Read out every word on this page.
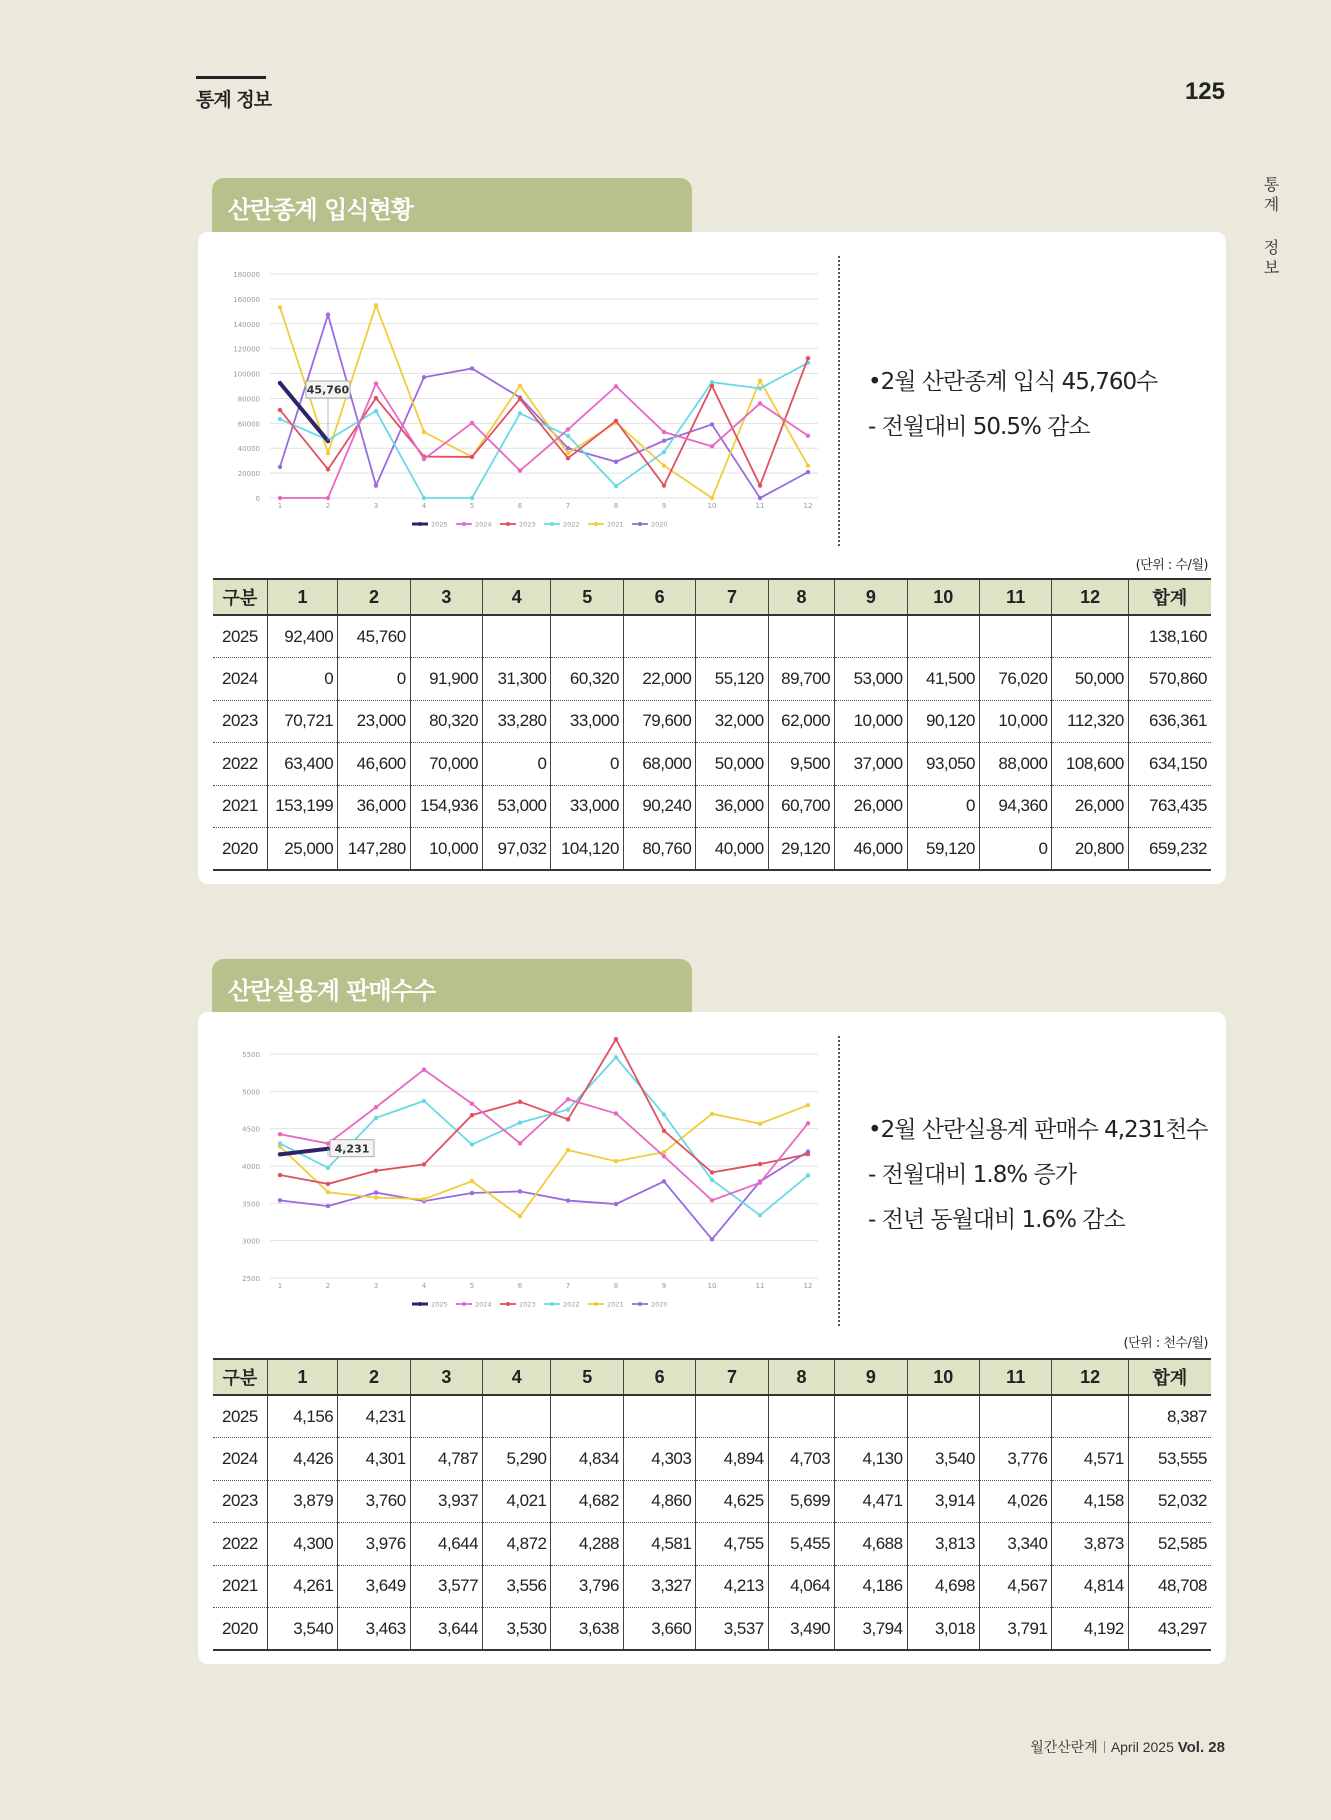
통계 정보	125
통계 정보
산란종계 입식현황
0
20000
40000
60000
80000
100000
120000
140000
160000
180000
1	2	3	4	5	6	7	8	9	10	11	12
45,760
2025	2024	2023	2022	2021	2020
•2월 산란종계 입식 45,760수
- 전월대비 50.5% 감소
(단위 : 수/월)
구분	1	2	3	4	5	6	7	8	9	10	11	12	합계
2025	92,400	45,760											138,160
2024	0	0	91,900	31,300	60,320	22,000	55,120	89,700	53,000	41,500	76,020	50,000	570,860
2023	70,721	23,000	80,320	33,280	33,000	79,600	32,000	62,000	10,000	90,120	10,000	112,320	636,361
2022	63,400	46,600	70,000	0	0	68,000	50,000	9,500	37,000	93,050	88,000	108,600	634,150
2021	153,199	36,000	154,936	53,000	33,000	90,240	36,000	60,700	26,000	0	94,360	26,000	763,435
2020	25,000	147,280	10,000	97,032	104,120	80,760	40,000	29,120	46,000	59,120	0	20,800	659,232
산란실용계 판매수수
2500
3000
3500
4000
4500
5000
5500
1	2	3	4	5	6	7	8	9	10	11	12
4,231
2025	2024	2023	2022	2021	2020
•2월 산란실용계 판매수 4,231천수
- 전월대비 1.8% 증가
- 전년 동월대비 1.6% 감소
(단위 : 천수/월)
구분	1	2	3	4	5	6	7	8	9	10	11	12	합계
2025	4,156	4,231											8,387
2024	4,426	4,301	4,787	5,290	4,834	4,303	4,894	4,703	4,130	3,540	3,776	4,571	53,555
2023	3,879	3,760	3,937	4,021	4,682	4,860	4,625	5,699	4,471	3,914	4,026	4,158	52,032
2022	4,300	3,976	4,644	4,872	4,288	4,581	4,755	5,455	4,688	3,813	3,340	3,873	52,585
2021	4,261	3,649	3,577	3,556	3,796	3,327	4,213	4,064	4,186	4,698	4,567	4,814	48,708
2020	3,540	3,463	3,644	3,530	3,638	3,660	3,537	3,490	3,794	3,018	3,791	4,192	43,297
월간산란계 April 2025 Vol. 28
